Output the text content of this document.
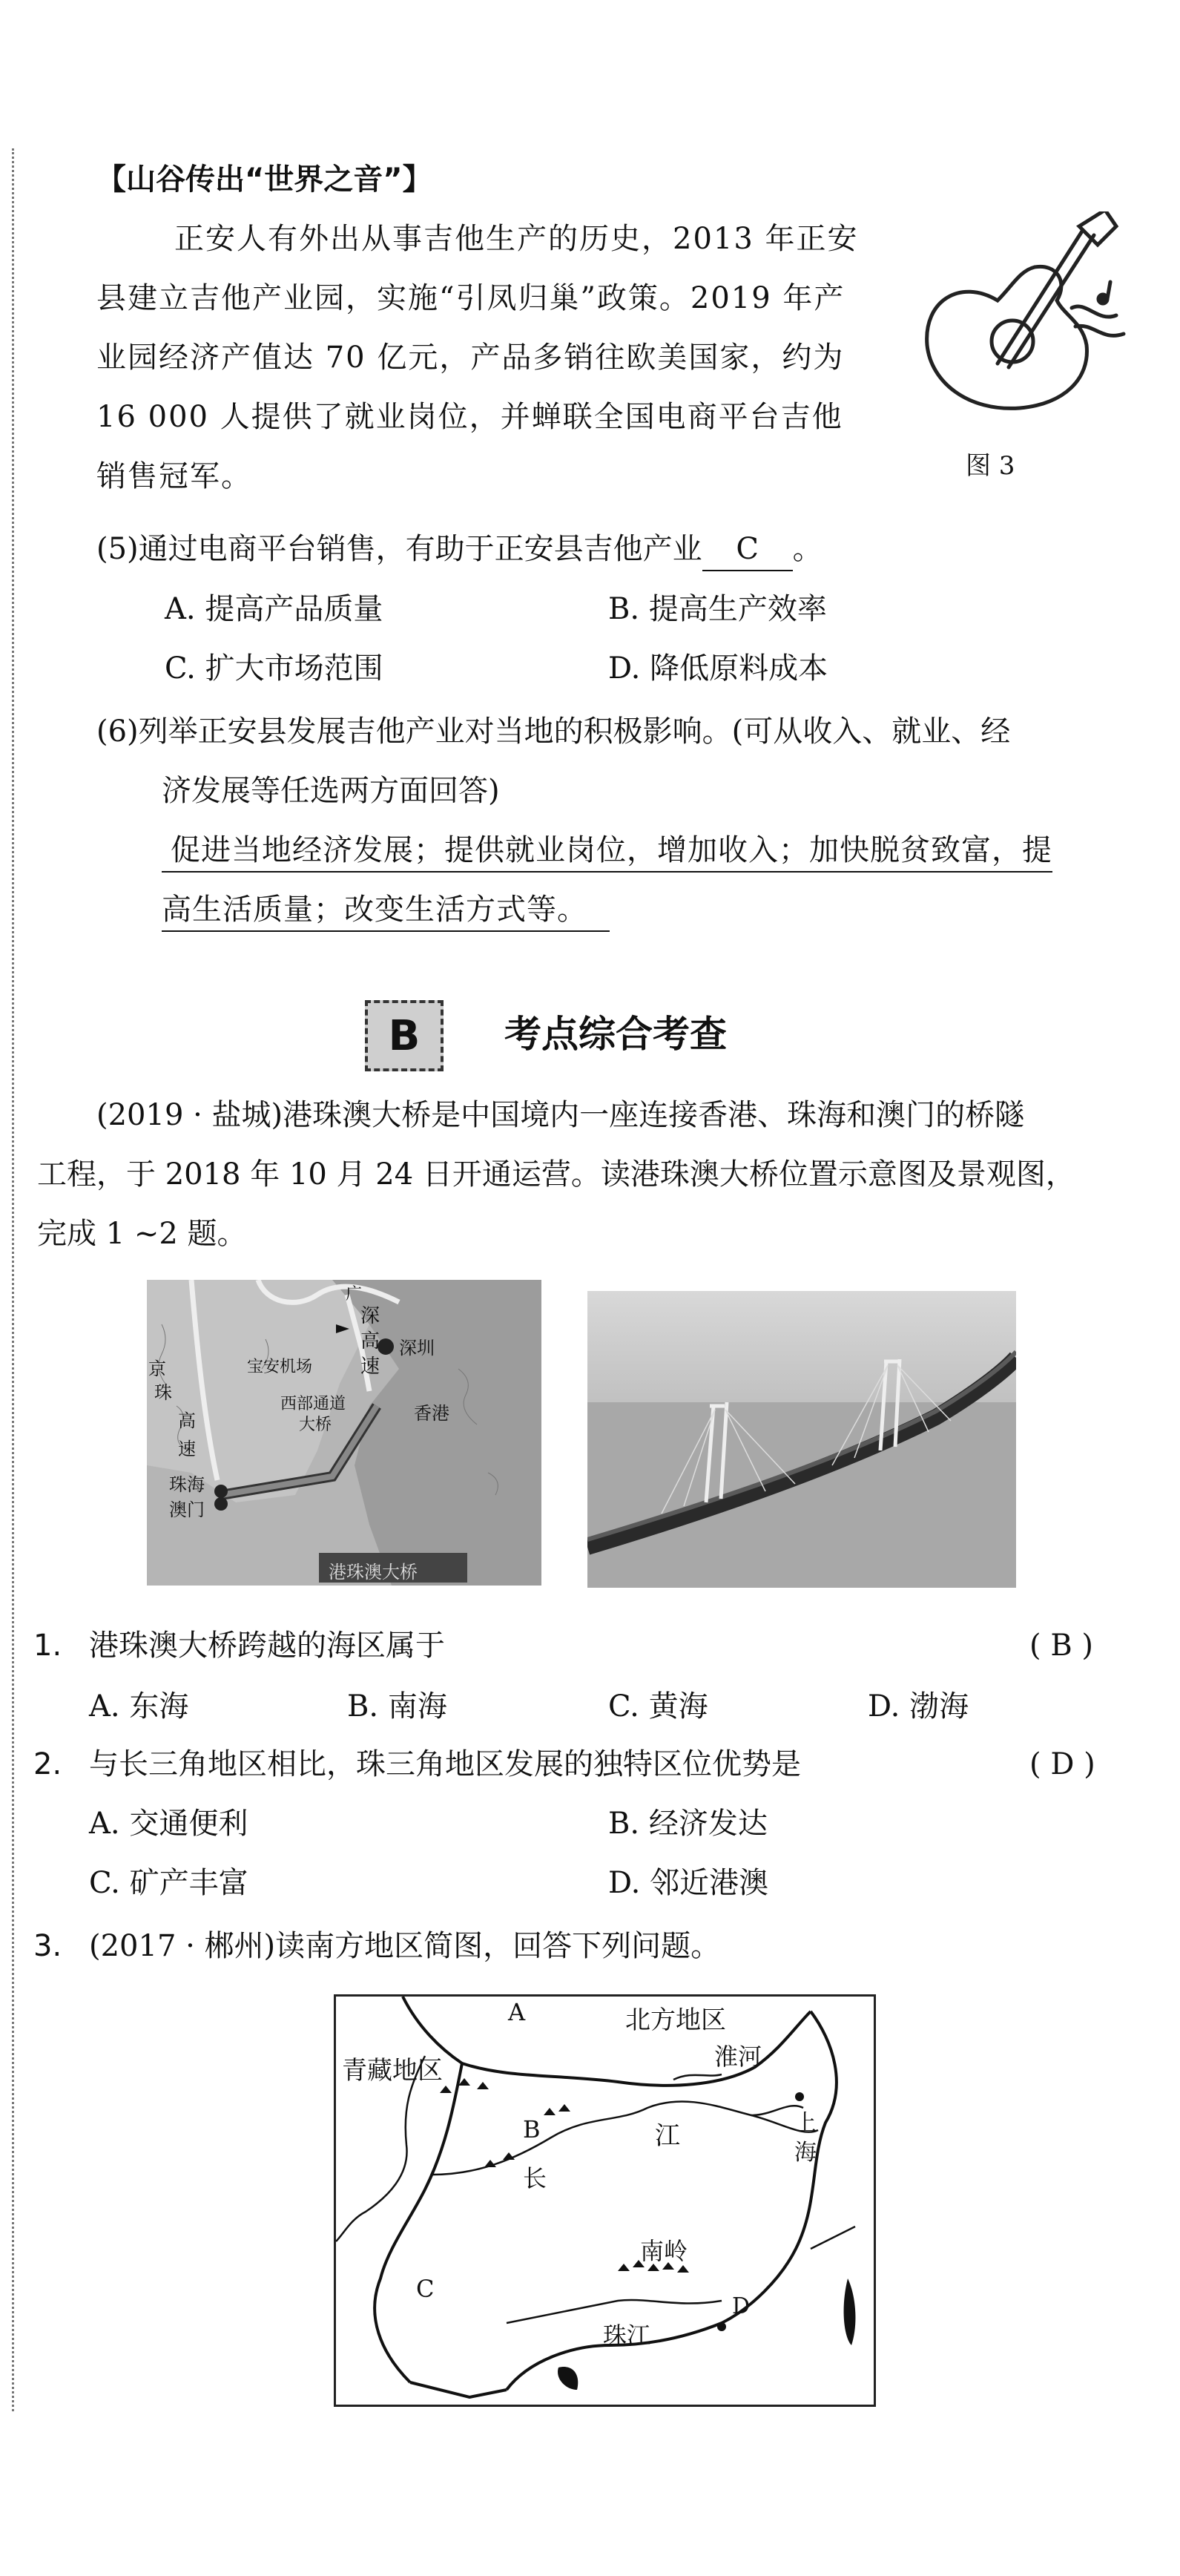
【山谷传出“世界之音”】
正安人有外出从事吉他生产的历史，2013 年正安
县建立吉他产业园，实施“引凤归巢”政策。2019 年产
业园经济产值达 70 亿元，产品多销往欧美国家，约为
16 000 人提供了就业岗位，并蝉联全国电商平台吉他
销售冠军。	图 3
(5)通过电商平台销售，有助于正安县吉他产业 C 。
A. 提高产品质量	B. 提高生产效率
C. 扩大市场范围	D. 降低原料成本
(6)列举正安县发展吉他产业对当地的积极影响。(可从收入、就业、经
济发展等任选两方面回答)
促进当地经济发展；提供就业岗位，增加收入；加快脱贫致富，提
高生活质量；改变生活方式等。
B 考点综合考查
(2019 · 盐城)港珠澳大桥是中国境内一座连接香港、珠海和澳门的桥隧
工程，于 2018 年 10 月 24 日开通运营。读港珠澳大桥位置示意图及景观图，
完成 1 ~2 题。
广
深
高
速
深圳
宝安机场
西部通道
大桥
香港
京
珠
高
速
珠海
澳门
港珠澳大桥
1. 港珠澳大桥跨越的海区属于	( B )
A. 东海	B. 南海	C. 黄海	D. 渤海
2. 与长三角地区相比，珠三角地区发展的独特区位优势是	( D )
A. 交通便利	B. 经济发达
C. 矿产丰富	D. 邻近港澳
3. (2017 · 郴州)读南方地区简图，回答下列问题。
A	北方地区
淮河
青藏地区
B
长
江	上
海
南岭
C
D
珠江
